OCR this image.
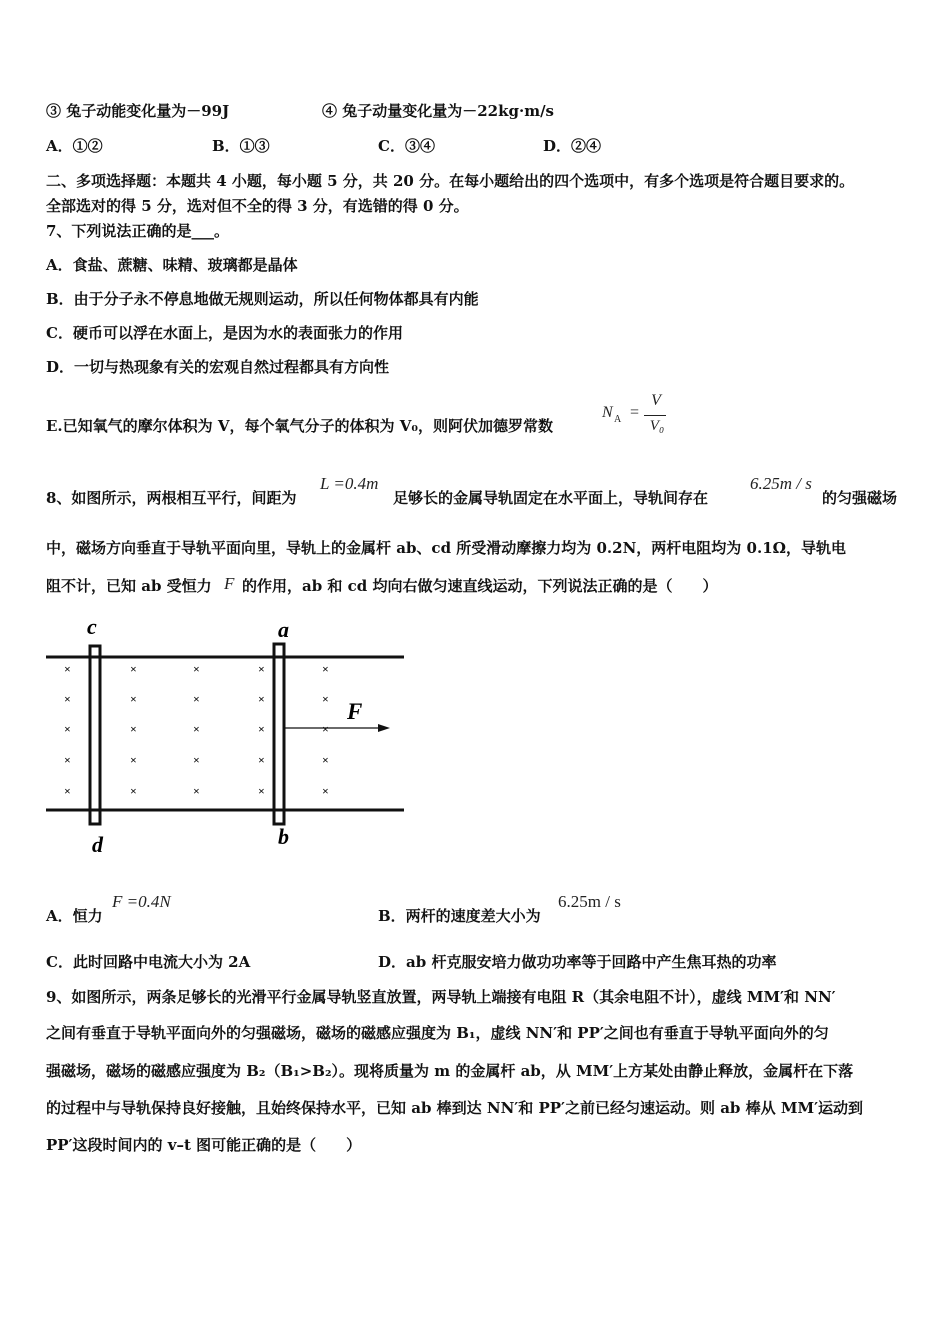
③ 兔子动能变化量为－99J	④ 兔子动量变化量为－22kg·m/s
A．①②	B．①③	C．③④	D．②④
二、多项选择题：本题共 4 小题，每小题 5 分，共 20 分。在每小题给出的四个选项中，有多个选项是符合题目要求的。
全部选对的得 5 分，选对但不全的得 3 分，有选错的得 0 分。
7、下列说法正确的是___。
A．食盐、蔗糖、味精、玻璃都是晶体
B．由于分子永不停息地做无规则运动，所以任何物体都具有内能
C．硬币可以浮在水面上，是因为水的表面张力的作用
D．一切与热现象有关的宏观自然过程都具有方向性
E.已知氧气的摩尔体积为 V，每个氧气分子的体积为 V₀，则阿伏加德罗常数
N A =
V
V₀
8、如图所示，两根相互平行，间距为
L =0.4m
足够长的金属导轨固定在水平面上，导轨间存在
6.25m / s
的匀强磁场
中，磁场方向垂直于导轨平面向里，导轨上的金属杆 ab、cd 所受滑动摩擦力均为 0.2N，两杆电阻均为 0.1Ω，导轨电
阻不计，已知 ab 受恒力 F 的作用，ab 和 cd 均向右做匀速直线运动，下列说法正确的是（　　）
c	a
d	b
F
×
×
×
×
×
×
×
×
×
×
×
×
×
×
×
×
×
×
×
×
×
×
×
×
×
A．恒力
F =0.4N
B．两杆的速度差大小为
6.25m / s
C．此时回路中电流大小为 2A	D．ab 杆克服安培力做功功率等于回路中产生焦耳热的功率
9、如图所示，两条足够长的光滑平行金属导轨竖直放置，两导轨上端接有电阻 R（其余电阻不计），虚线 MM′和 NN′
之间有垂直于导轨平面向外的匀强磁场，磁场的磁感应强度为 B₁，虚线 NN′和 PP′之间也有垂直于导轨平面向外的匀
强磁场，磁场的磁感应强度为 B₂（B₁>B₂）。现将质量为 m 的金属杆 ab，从 MM′上方某处由静止释放，金属杆在下落
的过程中与导轨保持良好接触，且始终保持水平，已知 ab 棒到达 NN′和 PP′之前已经匀速运动。则 ab 棒从 MM′运动到
PP′这段时间内的 v–t 图可能正确的是（　　）
